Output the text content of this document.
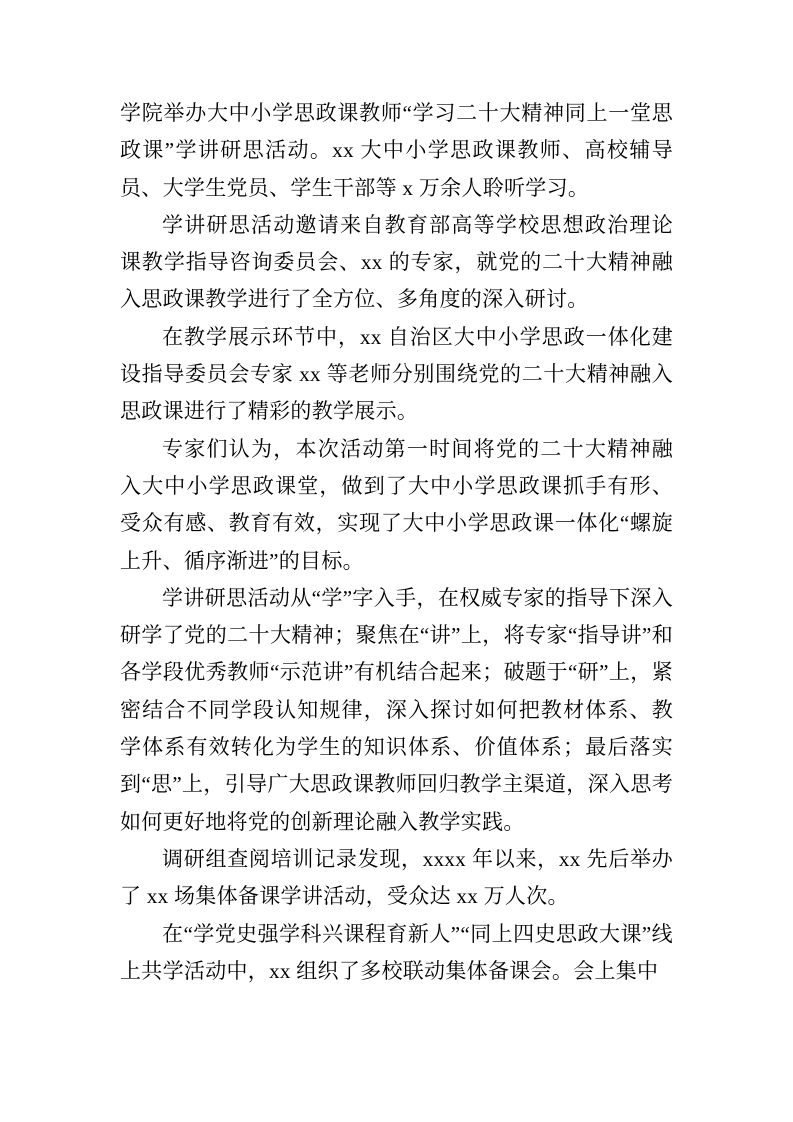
学院举办大中小学思政课教师“学习二十大精神同上一堂思政课”学讲研思活动。xx 大中小学思政课教师、高校辅导员、大学生党员、学生干部等 x 万余人聆听学习。

学讲研思活动邀请来自教育部高等学校思想政治理论课教学指导咨询委员会、xx 的专家，就党的二十大精神融入思政课教学进行了全方位、多角度的深入研讨。

在教学展示环节中，xx 自治区大中小学思政一体化建设指导委员会专家 xx 等老师分别围绕党的二十大精神融入思政课进行了精彩的教学展示。

专家们认为，本次活动第一时间将党的二十大精神融入大中小学思政课堂，做到了大中小学思政课抓手有形、受众有感、教育有效，实现了大中小学思政课一体化“螺旋上升、循序渐进”的目标。

学讲研思活动从“学”字入手，在权威专家的指导下深入研学了党的二十大精神；聚焦在“讲”上，将专家“指导讲”和各学段优秀教师“示范讲”有机结合起来；破题于“研”上，紧密结合不同学段认知规律，深入探讨如何把教材体系、教学体系有效转化为学生的知识体系、价值体系；最后落实到“思”上，引导广大思政课教师回归教学主渠道，深入思考如何更好地将党的创新理论融入教学实践。

调研组查阅培训记录发现，xxxx 年以来，xx 先后举办了 xx 场集体备课学讲活动，受众达 xx 万人次。

在“学党史强学科兴课程育新人”“同上四史思政大课”线上共学活动中，xx 组织了多校联动集体备课会。会上集中
